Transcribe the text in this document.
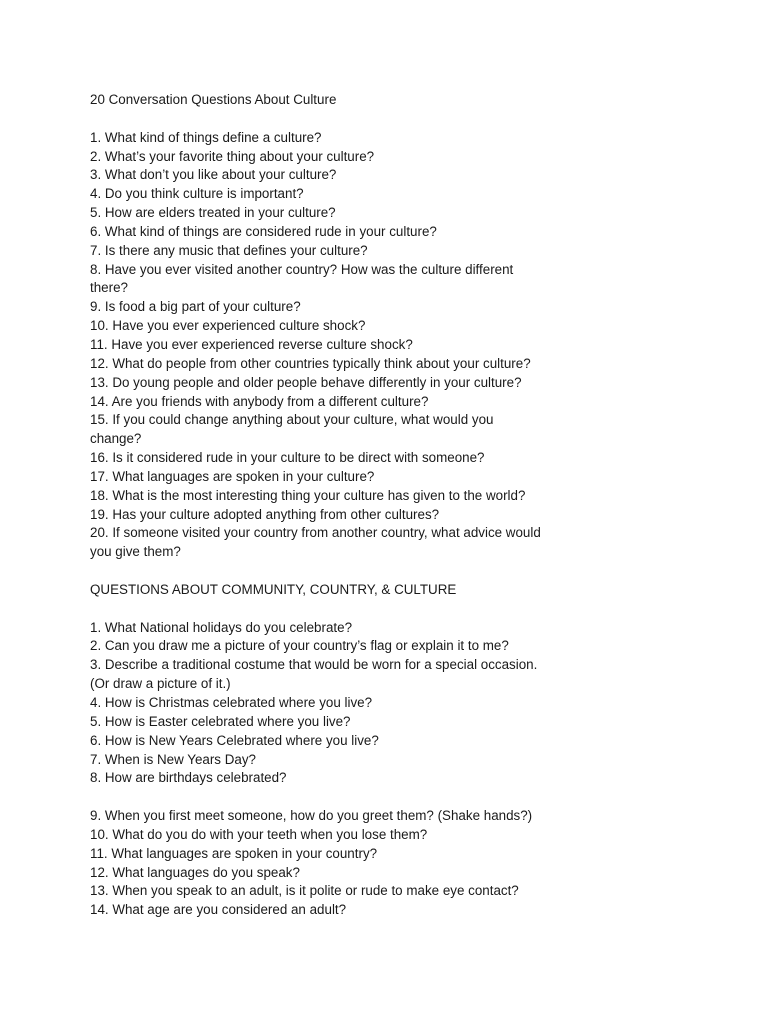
20 Conversation Questions About Culture
1. What kind of things define a culture?
2. What’s your favorite thing about your culture?
3. What don’t you like about your culture?
4. Do you think culture is important?
5. How are elders treated in your culture?
6. What kind of things are considered rude in your culture?
7. Is there any music that defines your culture?
8. Have you ever visited another country? How was the culture different
there?
9. Is food a big part of your culture?
10. Have you ever experienced culture shock?
11. Have you ever experienced reverse culture shock?
12. What do people from other countries typically think about your culture?
13. Do young people and older people behave differently in your culture?
14. Are you friends with anybody from a different culture?
15. If you could change anything about your culture, what would you
change?
16. Is it considered rude in your culture to be direct with someone?
17. What languages are spoken in your culture?
18. What is the most interesting thing your culture has given to the world?
19. Has your culture adopted anything from other cultures?
20. If someone visited your country from another country, what advice would
you give them?
QUESTIONS ABOUT COMMUNITY, COUNTRY, & CULTURE
1. What National holidays do you celebrate?
2. Can you draw me a picture of your country’s flag or explain it to me?
3. Describe a traditional costume that would be worn for a special occasion.
(Or draw a picture of it.)
4. How is Christmas celebrated where you live?
5. How is Easter celebrated where you live?
6. How is New Years Celebrated where you live?
7. When is New Years Day?
8. How are birthdays celebrated?
9. When you first meet someone, how do you greet them? (Shake hands?)
10. What do you do with your teeth when you lose them?
11. What languages are spoken in your country?
12. What languages do you speak?
13. When you speak to an adult, is it polite or rude to make eye contact?
14. What age are you considered an adult?
